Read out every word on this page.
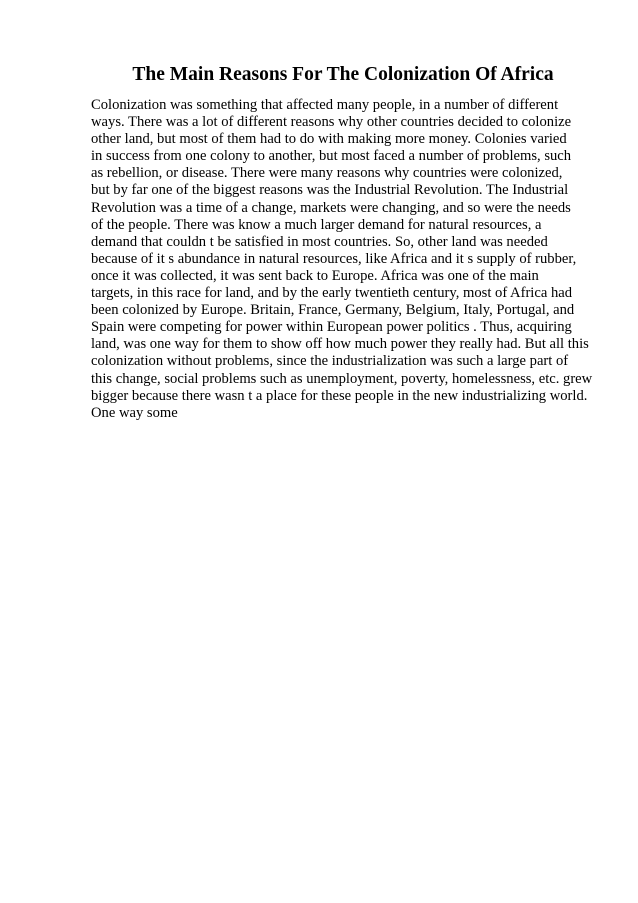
The Main Reasons For The Colonization Of Africa
Colonization was something that affected many people, in a number of different
ways. There was a lot of different reasons why other countries decided to colonize
other land, but most of them had to do with making more money. Colonies varied
in success from one colony to another, but most faced a number of problems, such
as rebellion, or disease. There were many reasons why countries were colonized,
but by far one of the biggest reasons was the Industrial Revolution. The Industrial
Revolution was a time of a change, markets were changing, and so were the needs
of the people. There was know a much larger demand for natural resources, a
demand that couldn t be satisfied in most countries. So, other land was needed
because of it s abundance in natural resources, like Africa and it s supply of rubber,
once it was collected, it was sent back to Europe. Africa was one of the main
targets, in this race for land, and by the early twentieth century, most of Africa had
been colonized by Europe. Britain, France, Germany, Belgium, Italy, Portugal, and
Spain were competing for power within European power politics . Thus, acquiring
land, was one way for them to show off how much power they really had. But all this
colonization without problems, since the industrialization was such a large part of
this change, social problems such as unemployment, poverty, homelessness, etc. grew
bigger because there wasn t a place for these people in the new industrializing world.
One way some
